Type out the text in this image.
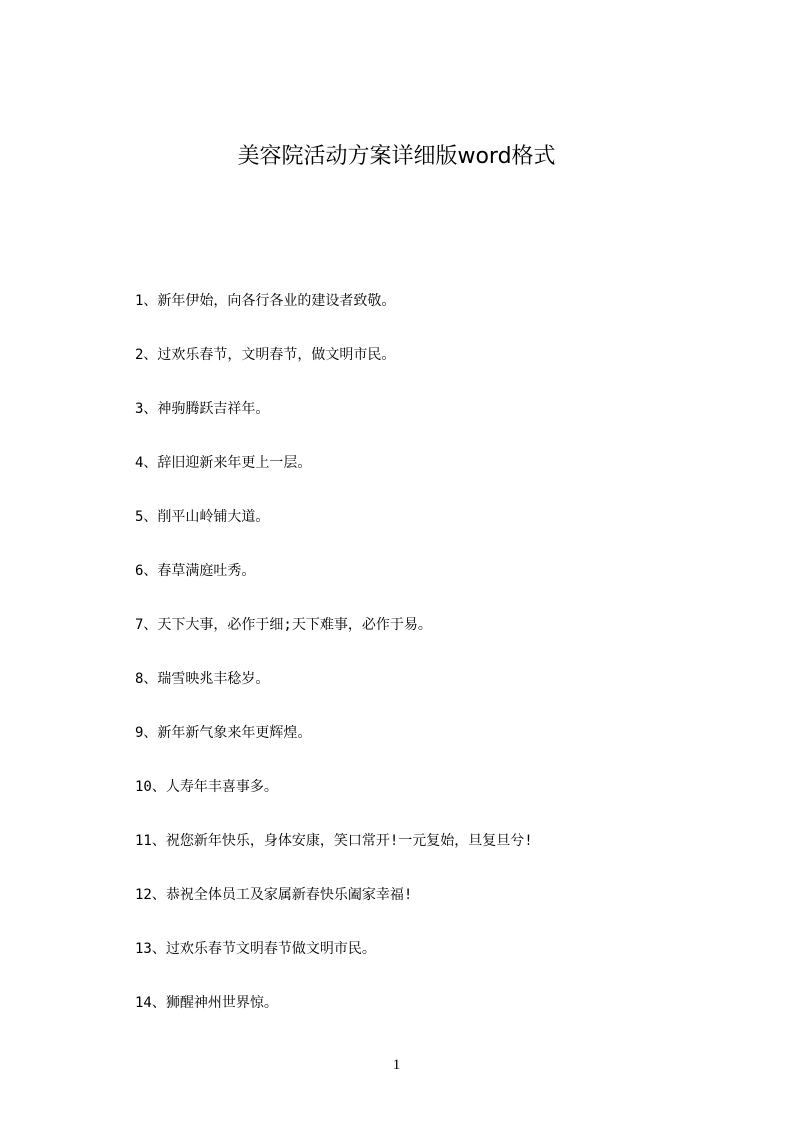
美容院活动方案详细版word格式
1、新年伊始，向各行各业的建设者致敬。
2、过欢乐春节，文明春节，做文明市民。
3、神驹腾跃吉祥年。
4、辞旧迎新来年更上一层。
5、削平山岭铺大道。
6、春草满庭吐秀。
7、天下大事，必作于细;天下难事，必作于易。
8、瑞雪映兆丰稔岁。
9、新年新气象来年更辉煌。
10、人寿年丰喜事多。
11、祝您新年快乐，身体安康，笑口常开!一元复始，旦复旦兮!
12、恭祝全体员工及家属新春快乐阖家幸福!
13、过欢乐春节文明春节做文明市民。
14、狮醒神州世界惊。
1
